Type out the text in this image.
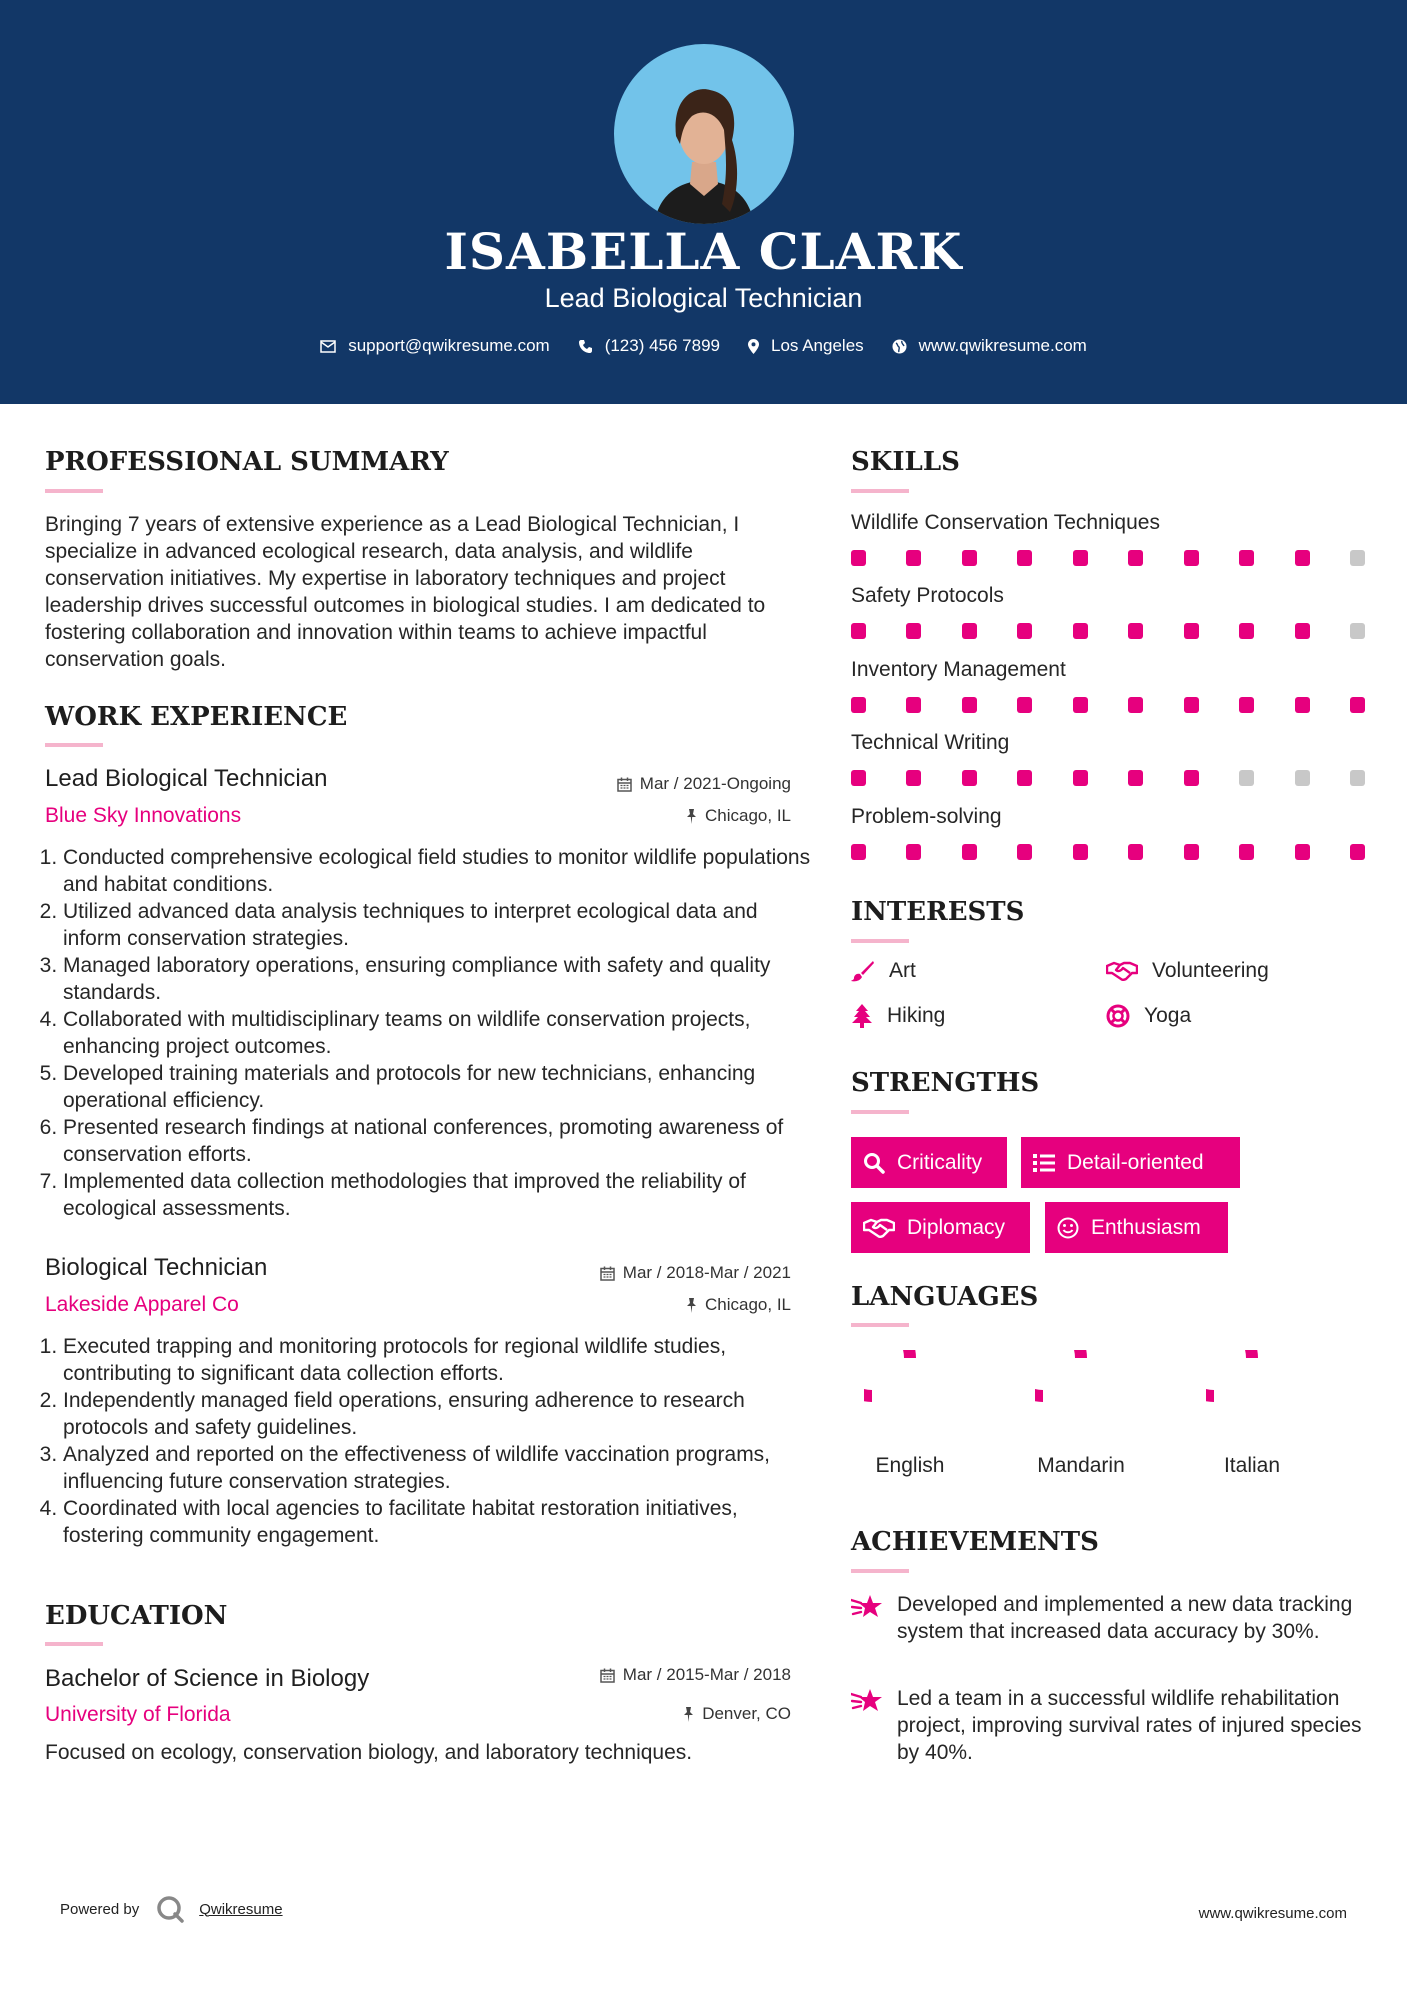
ISABELLA CLARK
Lead Biological Technician
support@qwikresume.com	(123) 456 7899	Los Angeles	www.qwikresume.com
PROFESSIONAL SUMMARY
Bringing 7 years of extensive experience as a Lead Biological Technician, I specialize in advanced ecological research, data analysis, and wildlife conservation initiatives. My expertise in laboratory techniques and project leadership drives successful outcomes in biological studies. I am dedicated to fostering collaboration and innovation within teams to achieve impactful conservation goals.
WORK EXPERIENCE
Lead Biological Technician	Mar / 2021-Ongoing
Blue Sky Innovations	Chicago, IL
1. Conducted comprehensive ecological field studies to monitor wildlife populations and habitat conditions.
2. Utilized advanced data analysis techniques to interpret ecological data and inform conservation strategies.
3. Managed laboratory operations, ensuring compliance with safety and quality standards.
4. Collaborated with multidisciplinary teams on wildlife conservation projects, enhancing project outcomes.
5. Developed training materials and protocols for new technicians, enhancing operational efficiency.
6. Presented research findings at national conferences, promoting awareness of conservation efforts.
7. Implemented data collection methodologies that improved the reliability of ecological assessments.
Biological Technician	Mar / 2018-Mar / 2021
Lakeside Apparel Co	Chicago, IL
1. Executed trapping and monitoring protocols for regional wildlife studies, contributing to significant data collection efforts.
2. Independently managed field operations, ensuring adherence to research protocols and safety guidelines.
3. Analyzed and reported on the effectiveness of wildlife vaccination programs, influencing future conservation strategies.
4. Coordinated with local agencies to facilitate habitat restoration initiatives, fostering community engagement.
EDUCATION
Bachelor of Science in Biology	Mar / 2015-Mar / 2018
University of Florida	Denver, CO
Focused on ecology, conservation biology, and laboratory techniques.
SKILLS
Wildlife Conservation Techniques
Safety Protocols
Inventory Management
Technical Writing
Problem-solving
INTERESTS
Art	Volunteering
Hiking	Yoga
STRENGTHS
Criticality	Detail-oriented
Diplomacy	Enthusiasm
LANGUAGES
English	Mandarin	Italian
ACHIEVEMENTS
Developed and implemented a new data tracking system that increased data accuracy by 30%.
Led a team in a successful wildlife rehabilitation project, improving survival rates of injured species by 40%.
Powered by	Qwikresume	www.qwikresume.com
